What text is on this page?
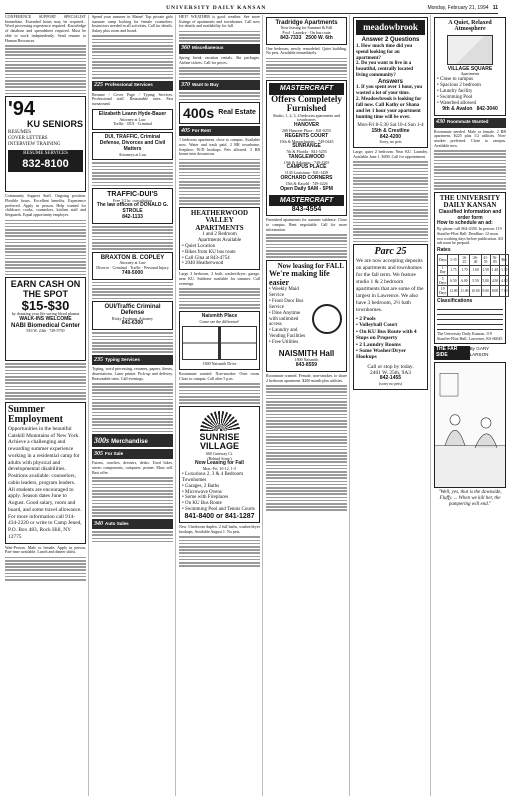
UNIVERSITY DAILY KANSAN	Monday, February 21, 1994 11
CONFERENCE SUPPORT SPECIALIST Immediate. Extended hours may be required... Word processing experience required. Knowledge of database and spreadsheet required. Must be able to work independently. Send resume to Human Resources.
'94
KU SENIORS
RESUMES
COVER LETTERS
INTERVIEW TRAINING
RESUME SERVICES
832-8100
Community Support Staff. Ongoing position. Flexible hours. Excellent benefits. Experience preferred. Apply in person. Help wanted for childcare, cooks, counselors, kitchen staff and lifeguards. Equal opportunity employer.
EARN CASH ON THE SPOT
$15-$30
by donating your life saving blood plasma
WALK-INS WELCOME
NABI Biomedical Center
816 W. 24th · 749-5750
Summer Employment
Opportunities in the beautiful Catskill Mountains of New York. Achieve a challenging and rewarding summer experience working in a residential camp for adults with physical and developmental disabilities. Positions available: counselors, cabin leaders, program leaders. All students are encouraged to apply. Season dates June to August. Good salary, room and board, and some travel allowance. For more information call 914-434-2220 or write to Camp Jened, P.O. Box 483, Rock Hill, NY 12775
Wait-Person. Male or female. Apply in person. Part-time available. Lunch and dinner shifts.
Spend your summer in Maine! Top private girls summer camp looking for female counselors. Instructors needed in all activities. Call for details. Salary plus room and board.
225 Professional Services
Resume / Cover Page / Typing Services. Professional staff. Reasonable rates. Fast turnaround.
Elizabeth Leann Hyde-Bauer
Attorney at Law
Traffic · DUI · Criminal
DUI, TRAFFIC, Criminal Defense, Divorces and Civil Matters
Attorneys at Law
TRAFFIC-DUI'S
Free 1/2 hr. consultation
The law offices of DONALD G. STROLE
842-1133
BRAXTON B. COPLEY
Attorney at Law
Divorce · Criminal · Traffic · Personal Injury
749-5000
OUI/Traffic Criminal Defense
Ricky Frydman, Attorney
841-6300
235 Typing Services
Typing, word processing, resumes, papers, theses, dissertations. Laser printer. Pick-up and delivery. Reasonable rates. Call evenings.
300s Merchandise
305 For Sale
Futons, couches, dressers, desks. Used bikes, stereo components, computer, printer. Must sell. Best offer.
340 Auto Sales
HEY! WEATHER is good weather. See more listings of apartments and townhomes. Call now for details and availability for fall.
360 Miscellaneous
Spring break vacation rentals. Ski packages. Airline tickets. Call for prices.
370 Want to Buy
400s Real Estate
405 For Rent
1 bedroom apartment, close to campus. Available now. Water and trash paid. 2 BR townhome, fireplace, W/D hookups. Pets allowed. 3 BR house near downtown.
HEATHERWOOD VALLEY APARTMENTS
1 and 2 Bedroom
Apartments Available
• Quiet Location
• Bikes from KU bus route
• Call Gina at 843-4754
• 2040 Heatherwood
Large 3 bedroom, 2 bath, washer/dryer, garage, near KU. Sublease available for summer. Call evenings.
Naismith Place
Come see the difference!
1800 Naismith Drive
Roommate wanted. Non-smoker. Own room. Close to campus. Call after 5 p.m.
SUNRISE VILLAGE
660 Gateway Ct.
(Behind Sonic)
Now Leasing for Fall
Mon.-Fri. 10-12, 1-5
• Luxurious 2, 3 & 4 Bedroom Townhomes
• Garages, 2 Baths
• Microwave Ovens
• Some with Fireplaces
• On KU Bus Route
• Swimming Pool and Tennis Courts
841-8400 or 841-1287
New 3 bedroom duplex. 2 full baths, washer/dryer hookups. Available August 1. No pets.
Tradridge Apartments
Now leasing for Summer & Fall
Pool · Laundry · On bus route
843-7333 2500 W. 6th
One bedroom, newly remodeled. Quiet building. No pets. Available immediately.
MASTERCRAFT
Offers Completely Furnished
Studio, 1, 2, 3, 4 bedroom apartments and townhomes
HANOVER
200 Hanover Place · 841-0255
REGENTS COURT
19th & Massachusetts · 749-0445
SUNRANGE
7th & Florida · 841-5255
TANGLEWOOD
19th & Arkansas · 749-3205
CAMPUS PLACE
1145 Louisiana · 841-1429
ORCHARD CORNERS
15th & Kasold · 749-4226
Open Daily 9AM - 5PM
MASTERCRAFT
843-4554
Furnished apartments for summer sublease. Close to campus. Rent negotiable. Call for more information.
Now leasing for FALL
We're making life easier
• Weekly Maid Service
• Front Door Bus Service
• Dine Anytime with unlimited access
• Laundry and Vending Facilities
• Free Utilities
NAISMITH Hall
1800 Naismith
843-8559
Roommate wanted. Female, non-smoker, to share 2 bedroom apartment. $200 month plus utilities.
meadowbrook
Answer 2 Questions
1. How much time did you spend looking for an apartment?
2. Do you want to live in a beautiful, centrally located living community?
Answers
1. If you spent over 1 hour, you wasted a lot of your time.
2. Meadowbrook is looking for fall now. Call Kathy or Shana and let 1 hour your apartment hunting time will be over.
Mon-Fri 8-5:30 Sat 10-4 Sun 1-4
15th & Crestline
842-4200
Sorry, no pets
Large, quiet 2 bedroom. Near KU. Laundry. Available June 1. $490. Call for appointment.
Parc 25
We are now accepting deposits on apartments and townhomes for the fall term. We feature studio 1 & 2 bedroom apartments that are some of the largest in Lawrence. We also have 3 bedroom, 2½ bath townhomes.
• 2 Pools
• Volleyball Court
• On KU Bus Route with 4 Stops on Property
• 2 Laundry Rooms
• Some Washer/Dryer Hookups
Call or stop by today.
2401 W. 25th, 9A3
842-1455
(sorry no pets)
A Quiet, Relaxed Atmosphere
VILLAGE SQUARE
Apartments
• Close to campus
• Spacious 2 bedroom
• Laundry facility
• Swimming Pool
• Waterbed allowed
9th & Avalon 842-3040
430 Roommate Wanted
Roommate needed. Male or female. 2 BR apartment, $225 plus 1/2 utilities. Non-smoker preferred. Close to campus. Available now.
THE UNIVERSITY DAILY KANSAN
Classified Information and order form
How to schedule an ad:
By phone: call 864-4358. In person: 119 Stauffer-Flint Hall. Deadline: 12 noon two working days before publication. All ads must be prepaid.
Rates
Days	1-15	16-25	26-40	41-55	56-85	86+
1 Day	1.75	1.70	1.60	1.50	1.40	1.30
5 Days	6.50	6.00	5.50	5.00	4.50	4.00
10 Days	12.00	11.00	10.00	9.00	8.00	7.00
Classifications
The University Daily Kansan, 119 Stauffer-Flint Hall, Lawrence, KS 66045
THE FAR SIDE
By GARY LARSON
"Well, yes, that is the downside, Fluffy. ... When we kill her, the pampering will end."
